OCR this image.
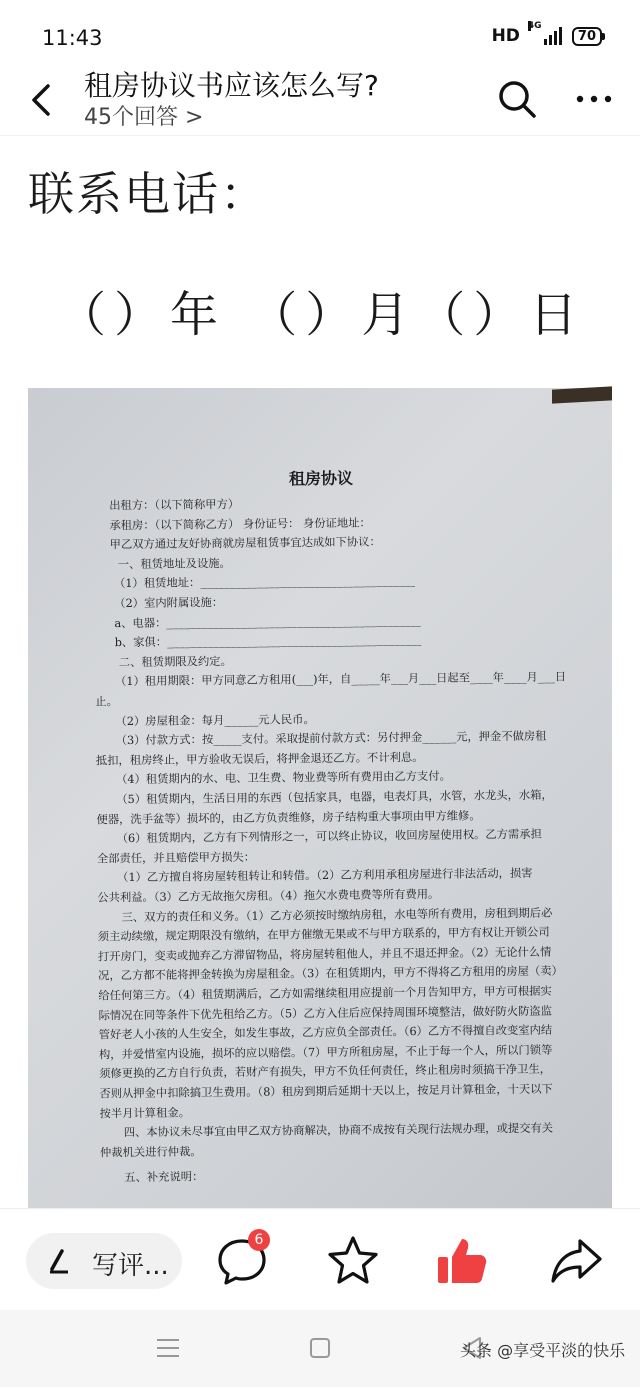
11:43	HD 4G
70
租房协议书应该怎么写?
45个回答 >
联系电话：
（）年 （）月（）日
租房协议
出租方：（以下简称甲方）
承租房：（以下简称乙方） 身份证号： 身份证地址：
甲乙双方通过友好协商就房屋租赁事宜达成如下协议：
一、租赁地址及设施。
（1）租赁地址：______________________________________
（2）室内附属设施：
a、电器：_____________________________________________
b、家俱：_____________________________________________
二、租赁期限及约定。
（1）租用期限：甲方同意乙方租用(___)年，自_____年___月___日起至____年____月___日
止。
（2）房屋租金：每月______元人民币。
（3）付款方式：按_____支付。采取提前付款方式：另付押金______元，押金不做房租
抵扣，租房终止，甲方验收无误后，将押金退还乙方。不计利息。
（4）租赁期内的水、电、卫生费、物业费等所有费用由乙方支付。
（5）租赁期内，生活日用的东西（包括家具，电器，电表灯具，水管，水龙头，水箱，
便器，洗手盆等）损坏的，由乙方负责维修，房子结构重大事项由甲方维修。
（6）租赁期内，乙方有下列情形之一，可以终止协议，收回房屋使用权。乙方需承担
全部责任，并且赔偿甲方损失：
（1）乙方擅自将房屋转租转让和转借。（2）乙方利用承租房屋进行非法活动，损害
公共利益。（3）乙方无故拖欠房租。（4）拖欠水费电费等所有费用。
三、双方的责任和义务。（1）乙方必须按时缴纳房租，水电等所有费用，房租到期后必
须主动续缴，规定期限没有缴纳，在甲方催缴无果或不与甲方联系的，甲方有权让开锁公司
打开房门，变卖或抛弃乙方滞留物品，将房屋转租他人，并且不退还押金。（2）无论什么情
况，乙方都不能将押金转换为房屋租金。（3）在租赁期内，甲方不得将乙方租用的房屋（卖）
给任何第三方。（4）租赁期满后，乙方如需继续租用应提前一个月告知甲方，甲方可根据实
际情况在同等条件下优先租给乙方。（5）乙方入住后应保持周围环境整洁，做好防火防盗监
管好老人小孩的人生安全，如发生事故，乙方应负全部责任。（6）乙方不得擅自改变室内结
构，并爱惜室内设施，损坏的应以赔偿。（7）甲方所租房屋，不止于每一个人，所以门锁等
须修更换的乙方自行负责，若财产有损失，甲方不负任何责任，终止租房时须搞干净卫生，
否则从押金中扣除搞卫生费用。（8）租房到期后延期十天以上，按足月计算租金，十天以下
按半月计算租金。
四、本协议未尽事宜由甲乙双方协商解决，协商不成按有关现行法规办理，或提交有关
仲裁机关进行仲裁。
五、补充说明：
写评...
6
头条 @享受平淡的快乐
